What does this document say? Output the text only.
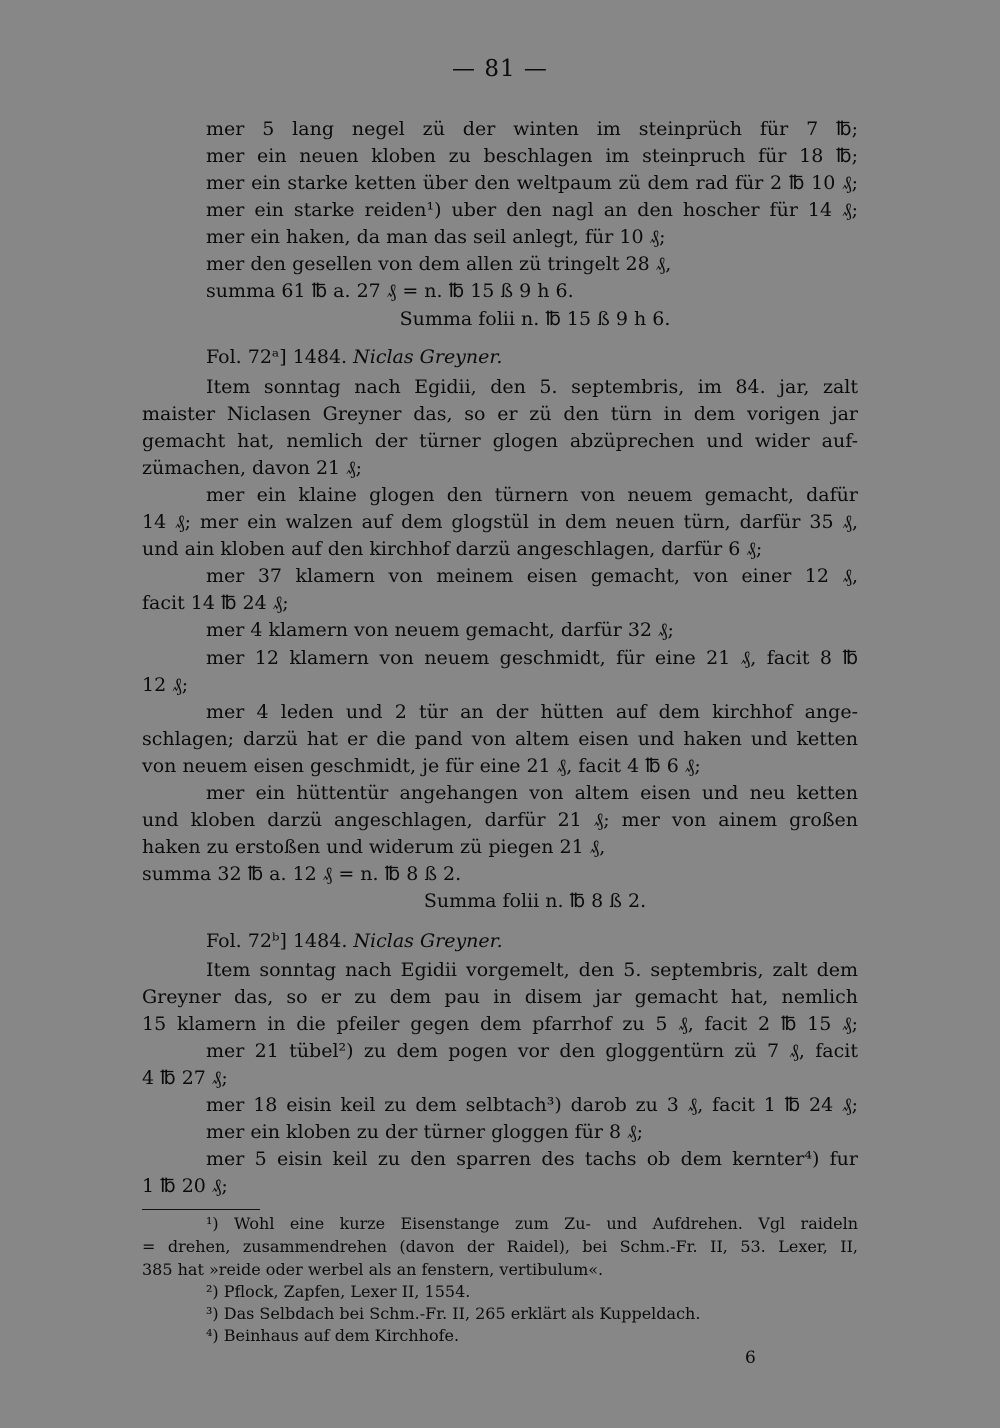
— 81 —
mer 5 lang negel zü der winten im steinprüch für 7 ℔;
mer ein neuen kloben zu beschlagen im steinpruch für 18 ℔;
mer ein starke ketten über den weltpaum zü dem rad für 2 ℔ 10 ₰;
mer ein starke reiden¹) uber den nagl an den hoscher für 14 ₰;
mer ein haken, da man das seil anlegt, für 10 ₰;
mer den gesellen von dem allen zü tringelt 28 ₰,
summa 61 ℔ a. 27 ₰ = n. ℔ 15 ß 9 h 6.
Summa folii n. ℔ 15 ß 9 h 6.
Fol. 72ᵃ] 1484. Niclas Greyner.
Item sonntag nach Egidii, den 5. septembris, im 84. jar, zalt
maister Niclasen Greyner das, so er zü den türn in dem vorigen jar
gemacht hat, nemlich der türner glogen abzüprechen und wider auf-
zümachen, davon 21 ₰;
mer ein klaine glogen den türnern von neuem gemacht, dafür
14 ₰; mer ein walzen auf dem glogstül in dem neuen türn, darfür 35 ₰,
und ain kloben auf den kirchhof darzü angeschlagen, darfür 6 ₰;
mer 37 klamern von meinem eisen gemacht, von einer 12 ₰,
facit 14 ℔ 24 ₰;
mer 4 klamern von neuem gemacht, darfür 32 ₰;
mer 12 klamern von neuem geschmidt, für eine 21 ₰, facit 8 ℔
12 ₰;
mer 4 leden und 2 tür an der hütten auf dem kirchhof ange-
schlagen; darzü hat er die pand von altem eisen und haken und ketten
von neuem eisen geschmidt, je für eine 21 ₰, facit 4 ℔ 6 ₰;
mer ein hüttentür angehangen von altem eisen und neu ketten
und kloben darzü angeschlagen, darfür 21 ₰; mer von ainem großen
haken zu erstoßen und widerum zü piegen 21 ₰,
summa 32 ℔ a. 12 ₰ = n. ℔ 8 ß 2.
Summa folii n. ℔ 8 ß 2.
Fol. 72ᵇ] 1484. Niclas Greyner.
Item sonntag nach Egidii vorgemelt, den 5. septembris, zalt dem
Greyner das, so er zu dem pau in disem jar gemacht hat, nemlich
15 klamern in die pfeiler gegen dem pfarrhof zu 5 ₰, facit 2 ℔ 15 ₰;
mer 21 tübel²) zu dem pogen vor den gloggentürn zü 7 ₰, facit
4 ℔ 27 ₰;
mer 18 eisin keil zu dem selbtach³) darob zu 3 ₰, facit 1 ℔ 24 ₰;
mer ein kloben zu der türner gloggen für 8 ₰;
mer 5 eisin keil zu den sparren des tachs ob dem kernter⁴) fur
1 ℔ 20 ₰;
¹) Wohl eine kurze Eisenstange zum Zu- und Aufdrehen. Vgl raideln
= drehen, zusammendrehen (davon der Raidel), bei Schm.-Fr. II, 53. Lexer, II,
385 hat »reide oder werbel als an fenstern, vertibulum«.
²) Pflock, Zapfen, Lexer II, 1554.
³) Das Selbdach bei Schm.-Fr. II, 265 erklärt als Kuppeldach.
⁴) Beinhaus auf dem Kirchhofe.
6
